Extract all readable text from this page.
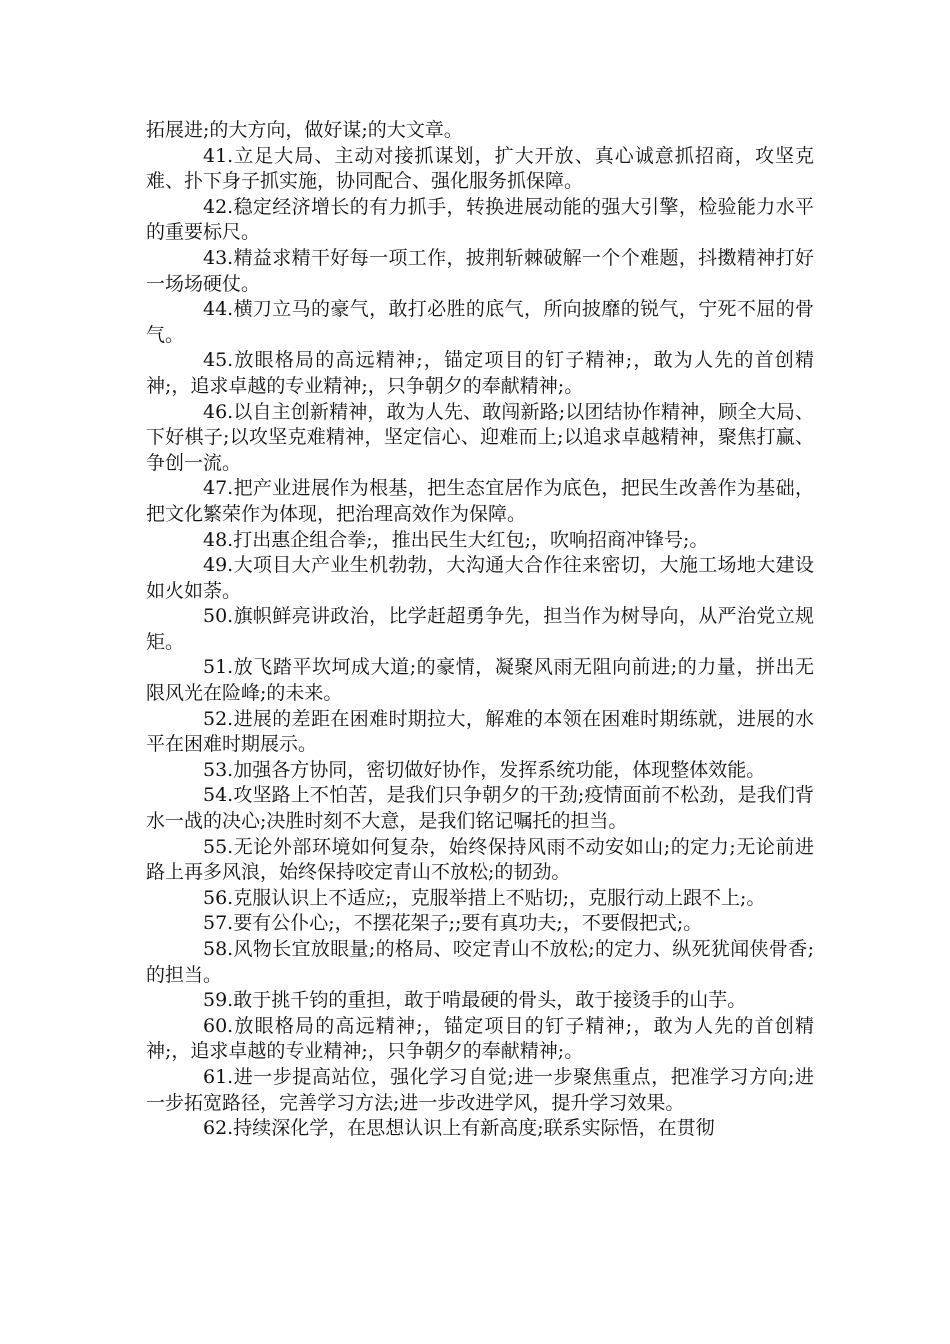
拓展进;的大方向，做好谋;的大文章。

41.立足大局、主动对接抓谋划，扩大开放、真心诚意抓招商，攻坚克难、扑下身子抓实施，协同配合、强化服务抓保障。

42.稳定经济增长的有力抓手，转换进展动能的强大引擎，检验能力水平的重要标尺。

43.精益求精干好每一项工作，披荆斩棘破解一个个难题，抖擞精神打好一场场硬仗。

44.横刀立马的豪气，敢打必胜的底气，所向披靡的锐气，宁死不屈的骨气。

45.放眼格局的高远精神;，锚定项目的钉子精神;，敢为人先的首创精神;，追求卓越的专业精神;，只争朝夕的奉献精神;。

46.以自主创新精神，敢为人先、敢闯新路;以团结协作精神，顾全大局、下好棋子;以攻坚克难精神，坚定信心、迎难而上;以追求卓越精神，聚焦打赢、争创一流。

47.把产业进展作为根基，把生态宜居作为底色，把民生改善作为基础，把文化繁荣作为体现，把治理高效作为保障。

48.打出惠企组合拳;，推出民生大红包;，吹响招商冲锋号;。

49.大项目大产业生机勃勃，大沟通大合作往来密切，大施工场地大建设如火如荼。

50.旗帜鲜亮讲政治，比学赶超勇争先，担当作为树导向，从严治党立规矩。

51.放飞踏平坎坷成大道;的豪情，凝聚风雨无阻向前进;的力量，拼出无限风光在险峰;的未来。

52.进展的差距在困难时期拉大，解难的本领在困难时期练就，进展的水平在困难时期展示。

53.加强各方协同，密切做好协作，发挥系统功能，体现整体效能。

54.攻坚路上不怕苦，是我们只争朝夕的干劲;疫情面前不松劲，是我们背水一战的决心;决胜时刻不大意，是我们铭记嘱托的担当。

55.无论外部环境如何复杂，始终保持风雨不动安如山;的定力;无论前进路上再多风浪，始终保持咬定青山不放松;的韧劲。

56.克服认识上不适应;，克服举措上不贴切;，克服行动上跟不上;。

57.要有公仆心;，不摆花架子;;要有真功夫;，不要假把式;。

58.风物长宜放眼量;的格局、咬定青山不放松;的定力、纵死犹闻侠骨香;的担当。

59.敢于挑千钧的重担，敢于啃最硬的骨头，敢于接烫手的山芋。

60.放眼格局的高远精神;，锚定项目的钉子精神;，敢为人先的首创精神;，追求卓越的专业精神;，只争朝夕的奉献精神;。

61.进一步提高站位，强化学习自觉;进一步聚焦重点，把准学习方向;进一步拓宽路径，完善学习方法;进一步改进学风，提升学习效果。

62.持续深化学，在思想认识上有新高度;联系实际悟，在贯彻
